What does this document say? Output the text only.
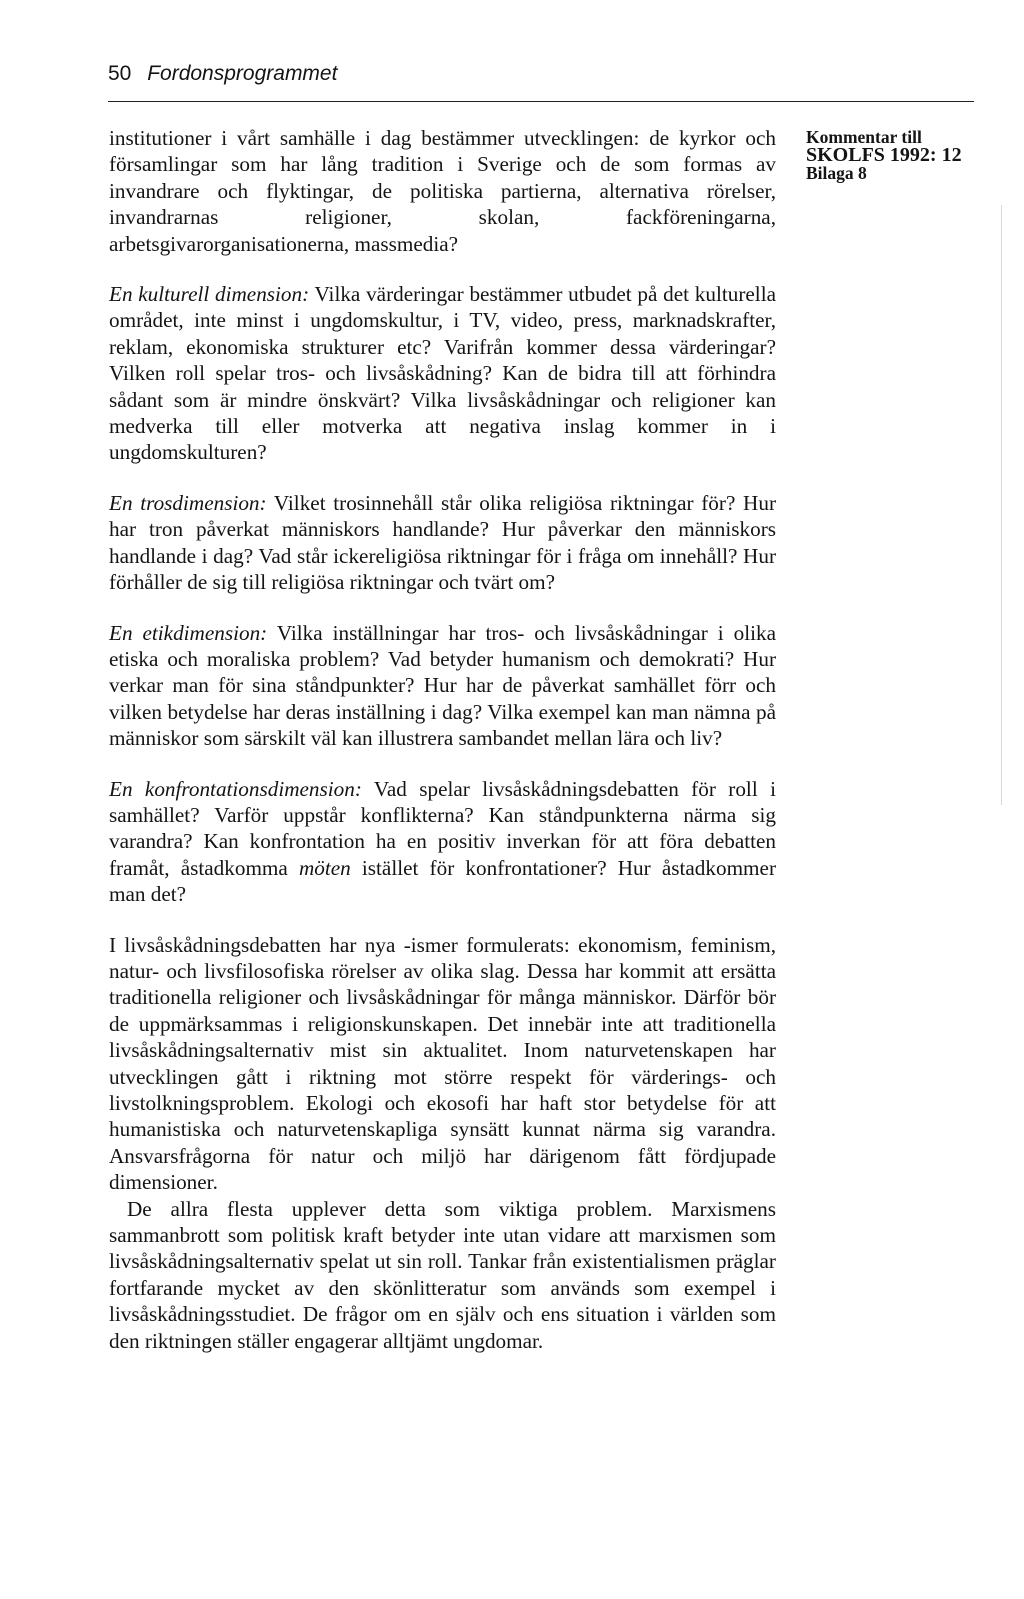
50 Fordonsprogrammet
Kommentar till

SKOLFS 1992: 12
Bilaga 8

institutioner i vårt samhälle i dag bestämmer utvecklingen: de kyrkor och församlingar som har lång tradition i Sverige och de som formas av invandrare och flyktingar, de politiska partierna, alternativa rörelser, invandrarnas religioner, skolan, fackföreningarna, arbetsgivarorganisationerna, massmedia?

En kulturell dimension: Vilka värderingar bestämmer utbudet på det kulturella området, inte minst i ungdomskultur, i TV, video, press, marknadskrafter, reklam, ekonomiska strukturer etc? Varifrån kommer dessa värderingar? Vilken roll spelar tros- och livsåskådning? Kan de bidra till att förhindra sådant som är mindre önskvärt? Vilka livsåskådningar och religioner kan medverka till eller motverka att negativa inslag kommer in i ungdomskulturen?

En trosdimension: Vilket trosinnehåll står olika religiösa riktningar för? Hur har tron påverkat människors handlande? Hur påverkar den människors handlande i dag? Vad står ickereligiösa riktningar för i fråga om innehåll? Hur förhåller de sig till religiösa riktningar och tvärt om?

En etikdimension: Vilka inställningar har tros- och livsåskådningar i olika etiska och moraliska problem? Vad betyder humanism och demokrati? Hur verkar man för sina ståndpunkter? Hur har de påverkat samhället förr och vilken betydelse har deras inställning i dag? Vilka exempel kan man nämna på människor som särskilt väl kan illustrera sambandet mellan lära och liv?

En konfrontationsdimension: Vad spelar livsåskådningsdebatten för roll i samhället? Varför uppstår konflikterna? Kan ståndpunkterna närma sig varandra? Kan konfrontation ha en positiv inverkan för att föra debatten framåt, åstadkomma möten istället för konfrontationer? Hur åstadkommer man det?

I livsåskådningsdebatten har nya -ismer formulerats: ekonomism, feminism, natur- och livsfilosofiska rörelser av olika slag. Dessa har kommit att ersätta traditionella religioner och livsåskådningar för många människor. Därför bör de uppmärksammas i religionskunskapen. Det innebär inte att traditionella livsåskådningsalternativ mist sin aktualitet. Inom naturvetenskapen har utvecklingen gått i riktning mot större respekt för värderings- och livstolkningsproblem. Ekologi och ekosofi har haft stor betydelse för att humanistiska och naturvetenskapliga synsätt kunnat närma sig varandra. Ansvarsfrågorna för natur och miljö har därigenom fått fördjupade dimensioner.

De allra flesta upplever detta som viktiga problem. Marxismens sammanbrott som politisk kraft betyder inte utan vidare att marxismen som livsåskådningsalternativ spelat ut sin roll. Tankar från existentialismen präglar fortfarande mycket av den skönlitteratur som används som exempel i livsåskådningsstudiet. De frågor om en själv och ens situation i världen som den riktningen ställer engagerar alltjämt ungdomar.
